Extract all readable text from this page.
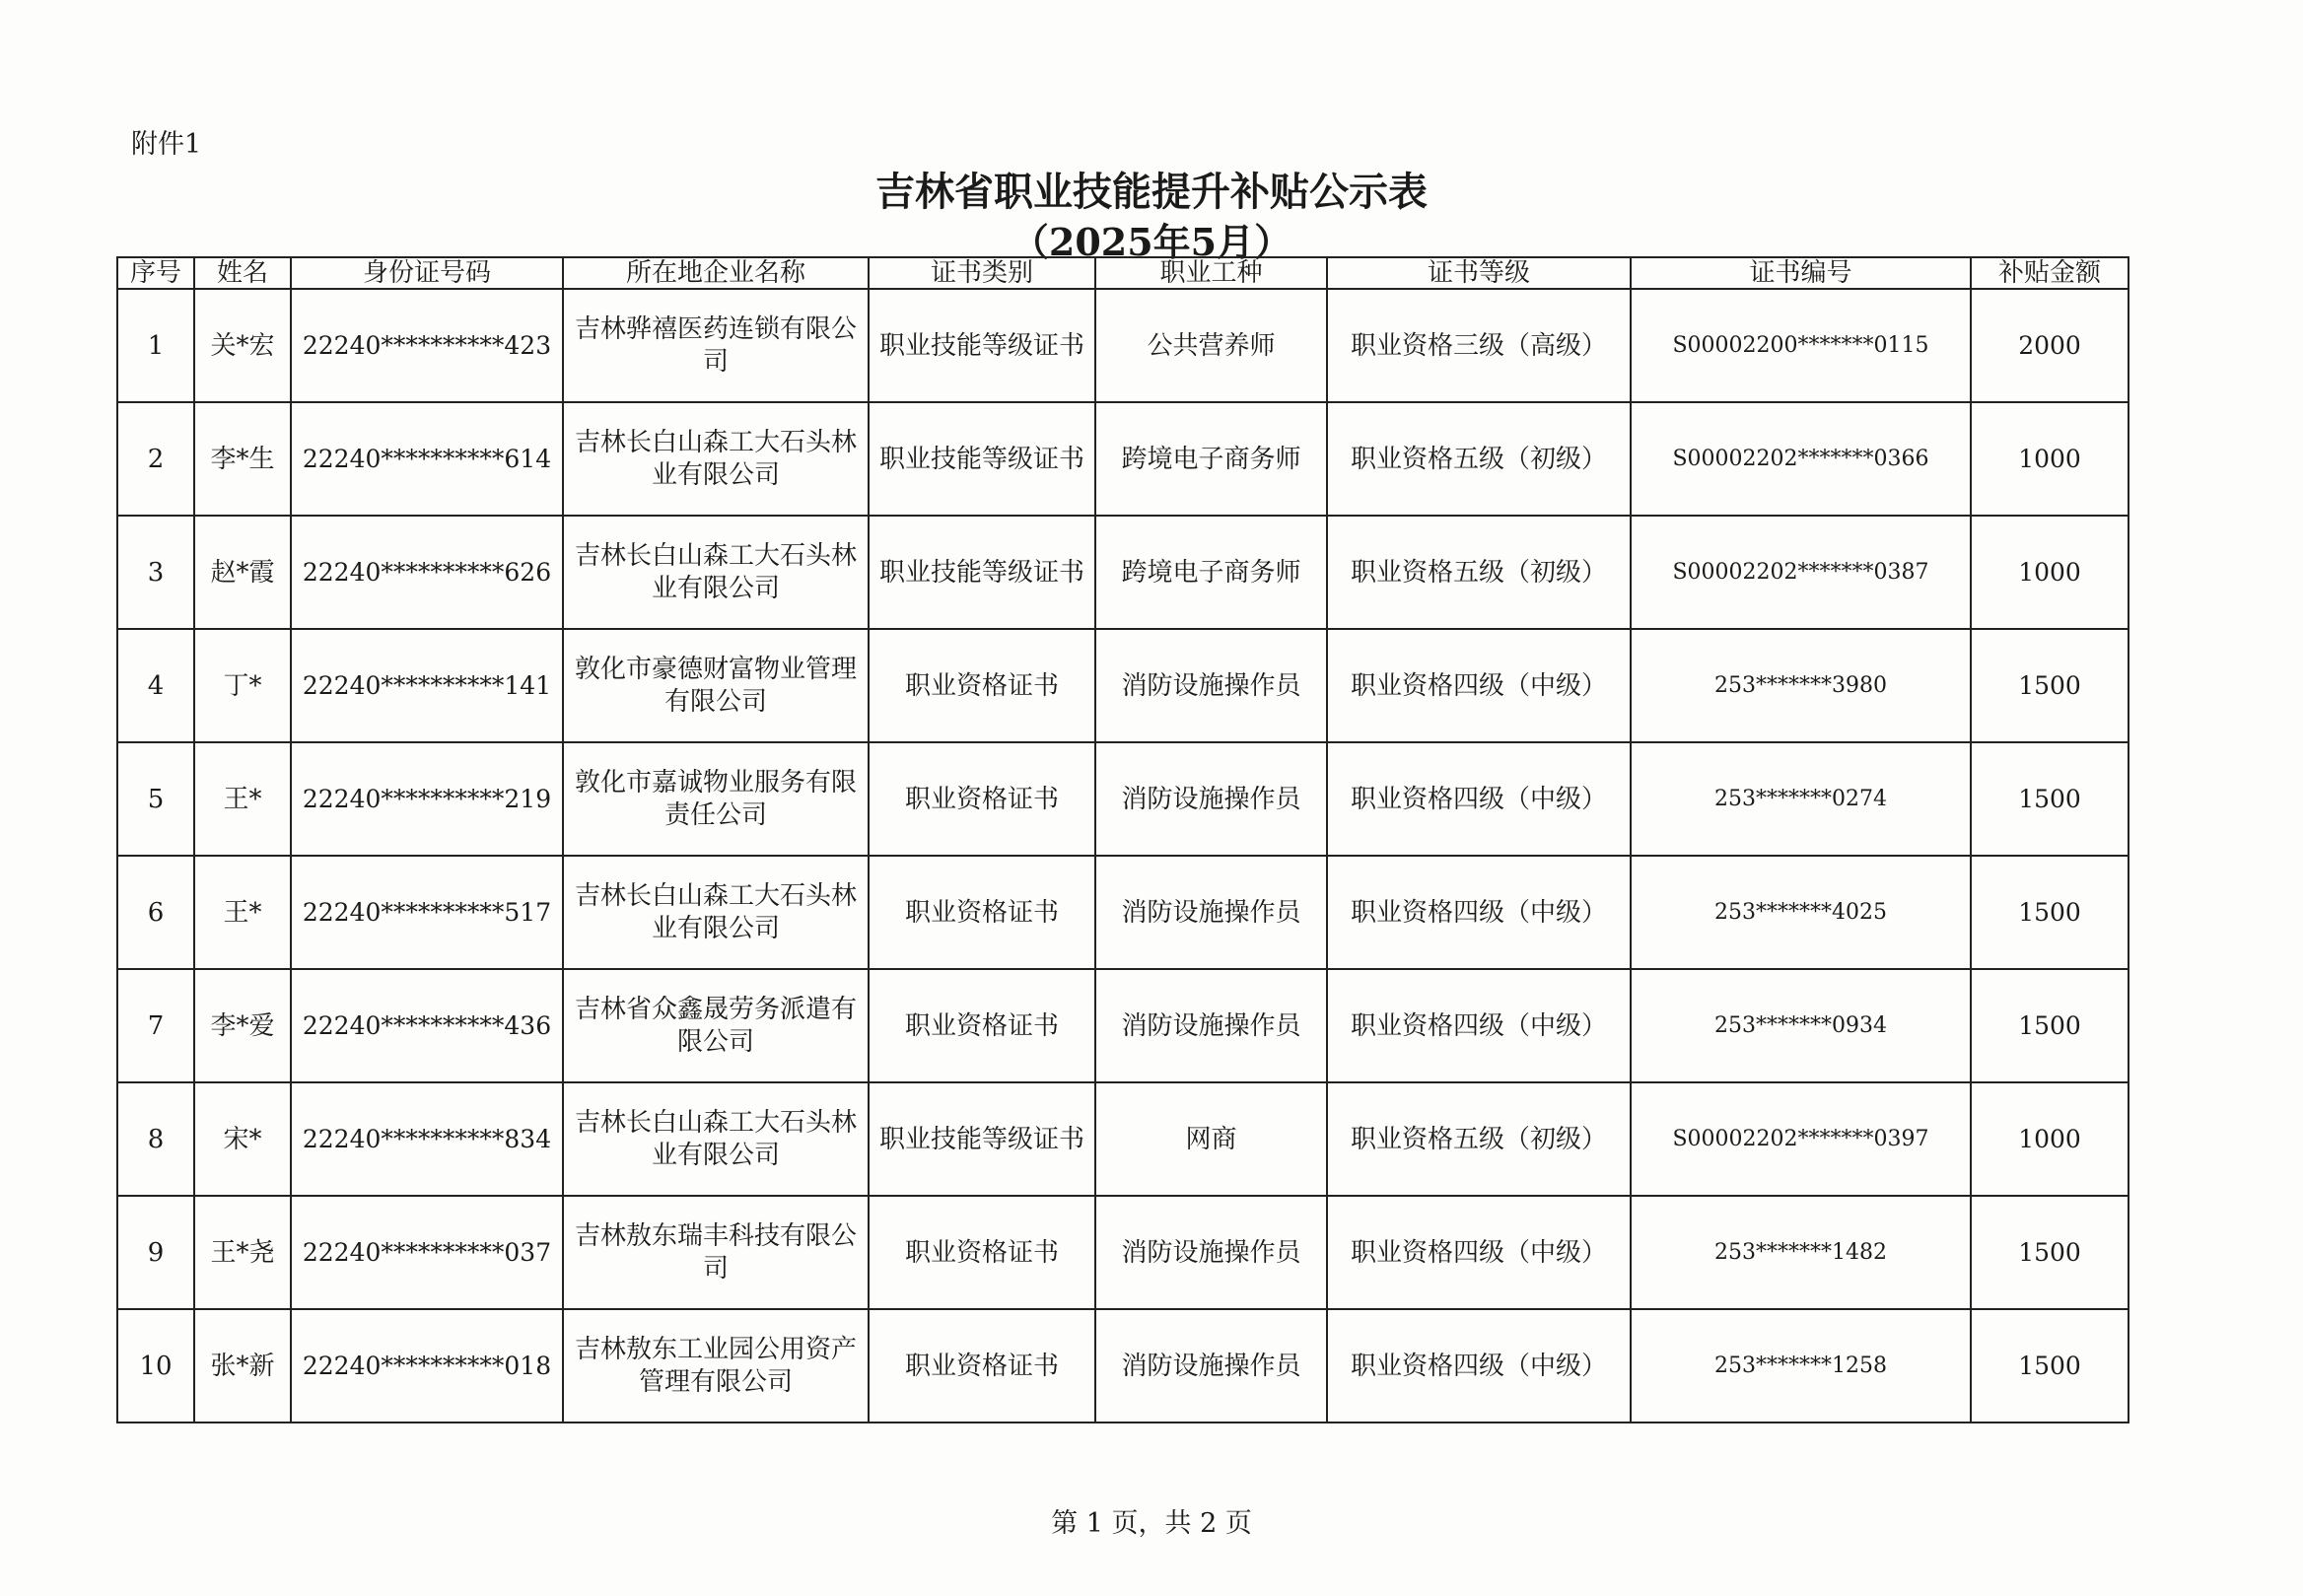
附件1
吉林省职业技能提升补贴公示表
（2025年5月）
序号	姓名	身份证号码	所在地企业名称	证书类别	职业工种	证书等级	证书编号	补贴金额
1	关*宏	22240**********423	吉林骅禧医药连锁有限公司	职业技能等级证书	公共营养师	职业资格三级（高级）	S00002200*******0115	2000
2	李*生	22240**********614	吉林长白山森工大石头林业有限公司	职业技能等级证书	跨境电子商务师	职业资格五级（初级）	S00002202*******0366	1000
3	赵*霞	22240**********626	吉林长白山森工大石头林业有限公司	职业技能等级证书	跨境电子商务师	职业资格五级（初级）	S00002202*******0387	1000
4	丁*	22240**********141	敦化市豪德财富物业管理有限公司	职业资格证书	消防设施操作员	职业资格四级（中级）	253*******3980	1500
5	王*	22240**********219	敦化市嘉诚物业服务有限责任公司	职业资格证书	消防设施操作员	职业资格四级（中级）	253*******0274	1500
6	王*	22240**********517	吉林长白山森工大石头林业有限公司	职业资格证书	消防设施操作员	职业资格四级（中级）	253*******4025	1500
7	李*爱	22240**********436	吉林省众鑫晟劳务派遣有限公司	职业资格证书	消防设施操作员	职业资格四级（中级）	253*******0934	1500
8	宋*	22240**********834	吉林长白山森工大石头林业有限公司	职业技能等级证书	网商	职业资格五级（初级）	S00002202*******0397	1000
9	王*尧	22240**********037	吉林敖东瑞丰科技有限公司	职业资格证书	消防设施操作员	职业资格四级（中级）	253*******1482	1500
10	张*新	22240**********018	吉林敖东工业园公用资产管理有限公司	职业资格证书	消防设施操作员	职业资格四级（中级）	253*******1258	1500
第 1 页，共 2 页
